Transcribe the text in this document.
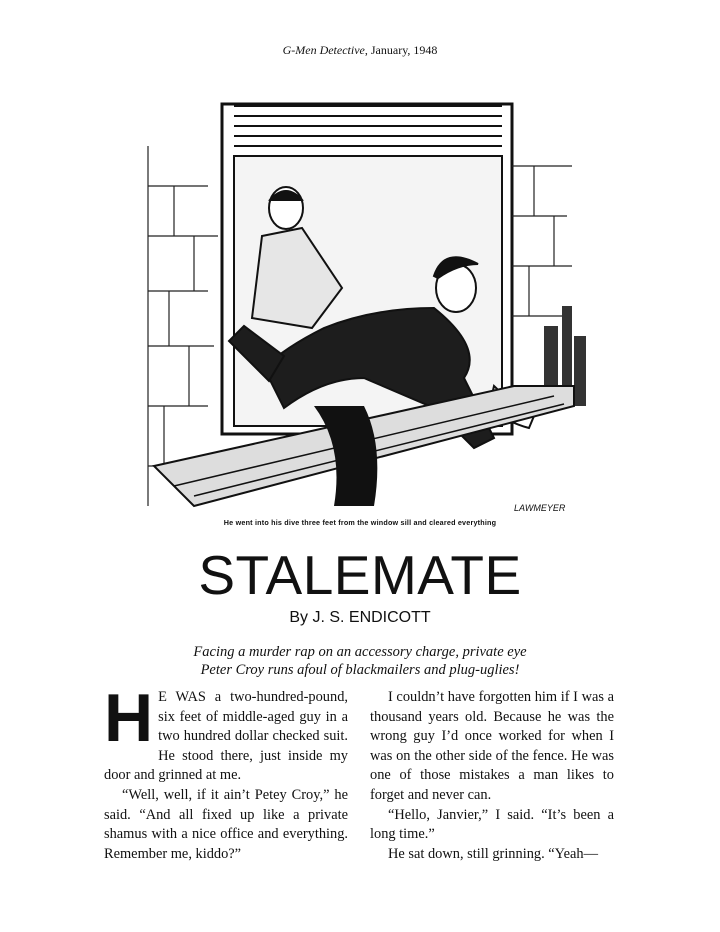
G-Men Detective, January, 1948
LAWMEYER
He went into his dive three feet from the window sill and cleared everything
STALEMATE
By J. S. ENDICOTT
Facing a murder rap on an accessory charge, private eye
Peter Croy runs afoul of blackmailers and plug-uglies!

H E WAS a two-hundred-pound, six feet of middle-aged guy in a two hundred dollar checked suit. He stood there, just inside my door and grinned at me.

“Well, well, if it ain’t Petey Croy,” he said. “And all fixed up like a private shamus with a nice office and everything. Remember me, kiddo?”

I couldn’t have forgotten him if I was a thousand years old. Because he was the wrong guy I’d once worked for when I was on the other side of the fence. He was one of those mistakes a man likes to forget and never can.

“Hello, Janvier,” I said. “It’s been a long time.”

He sat down, still grinning. “Yeah—
